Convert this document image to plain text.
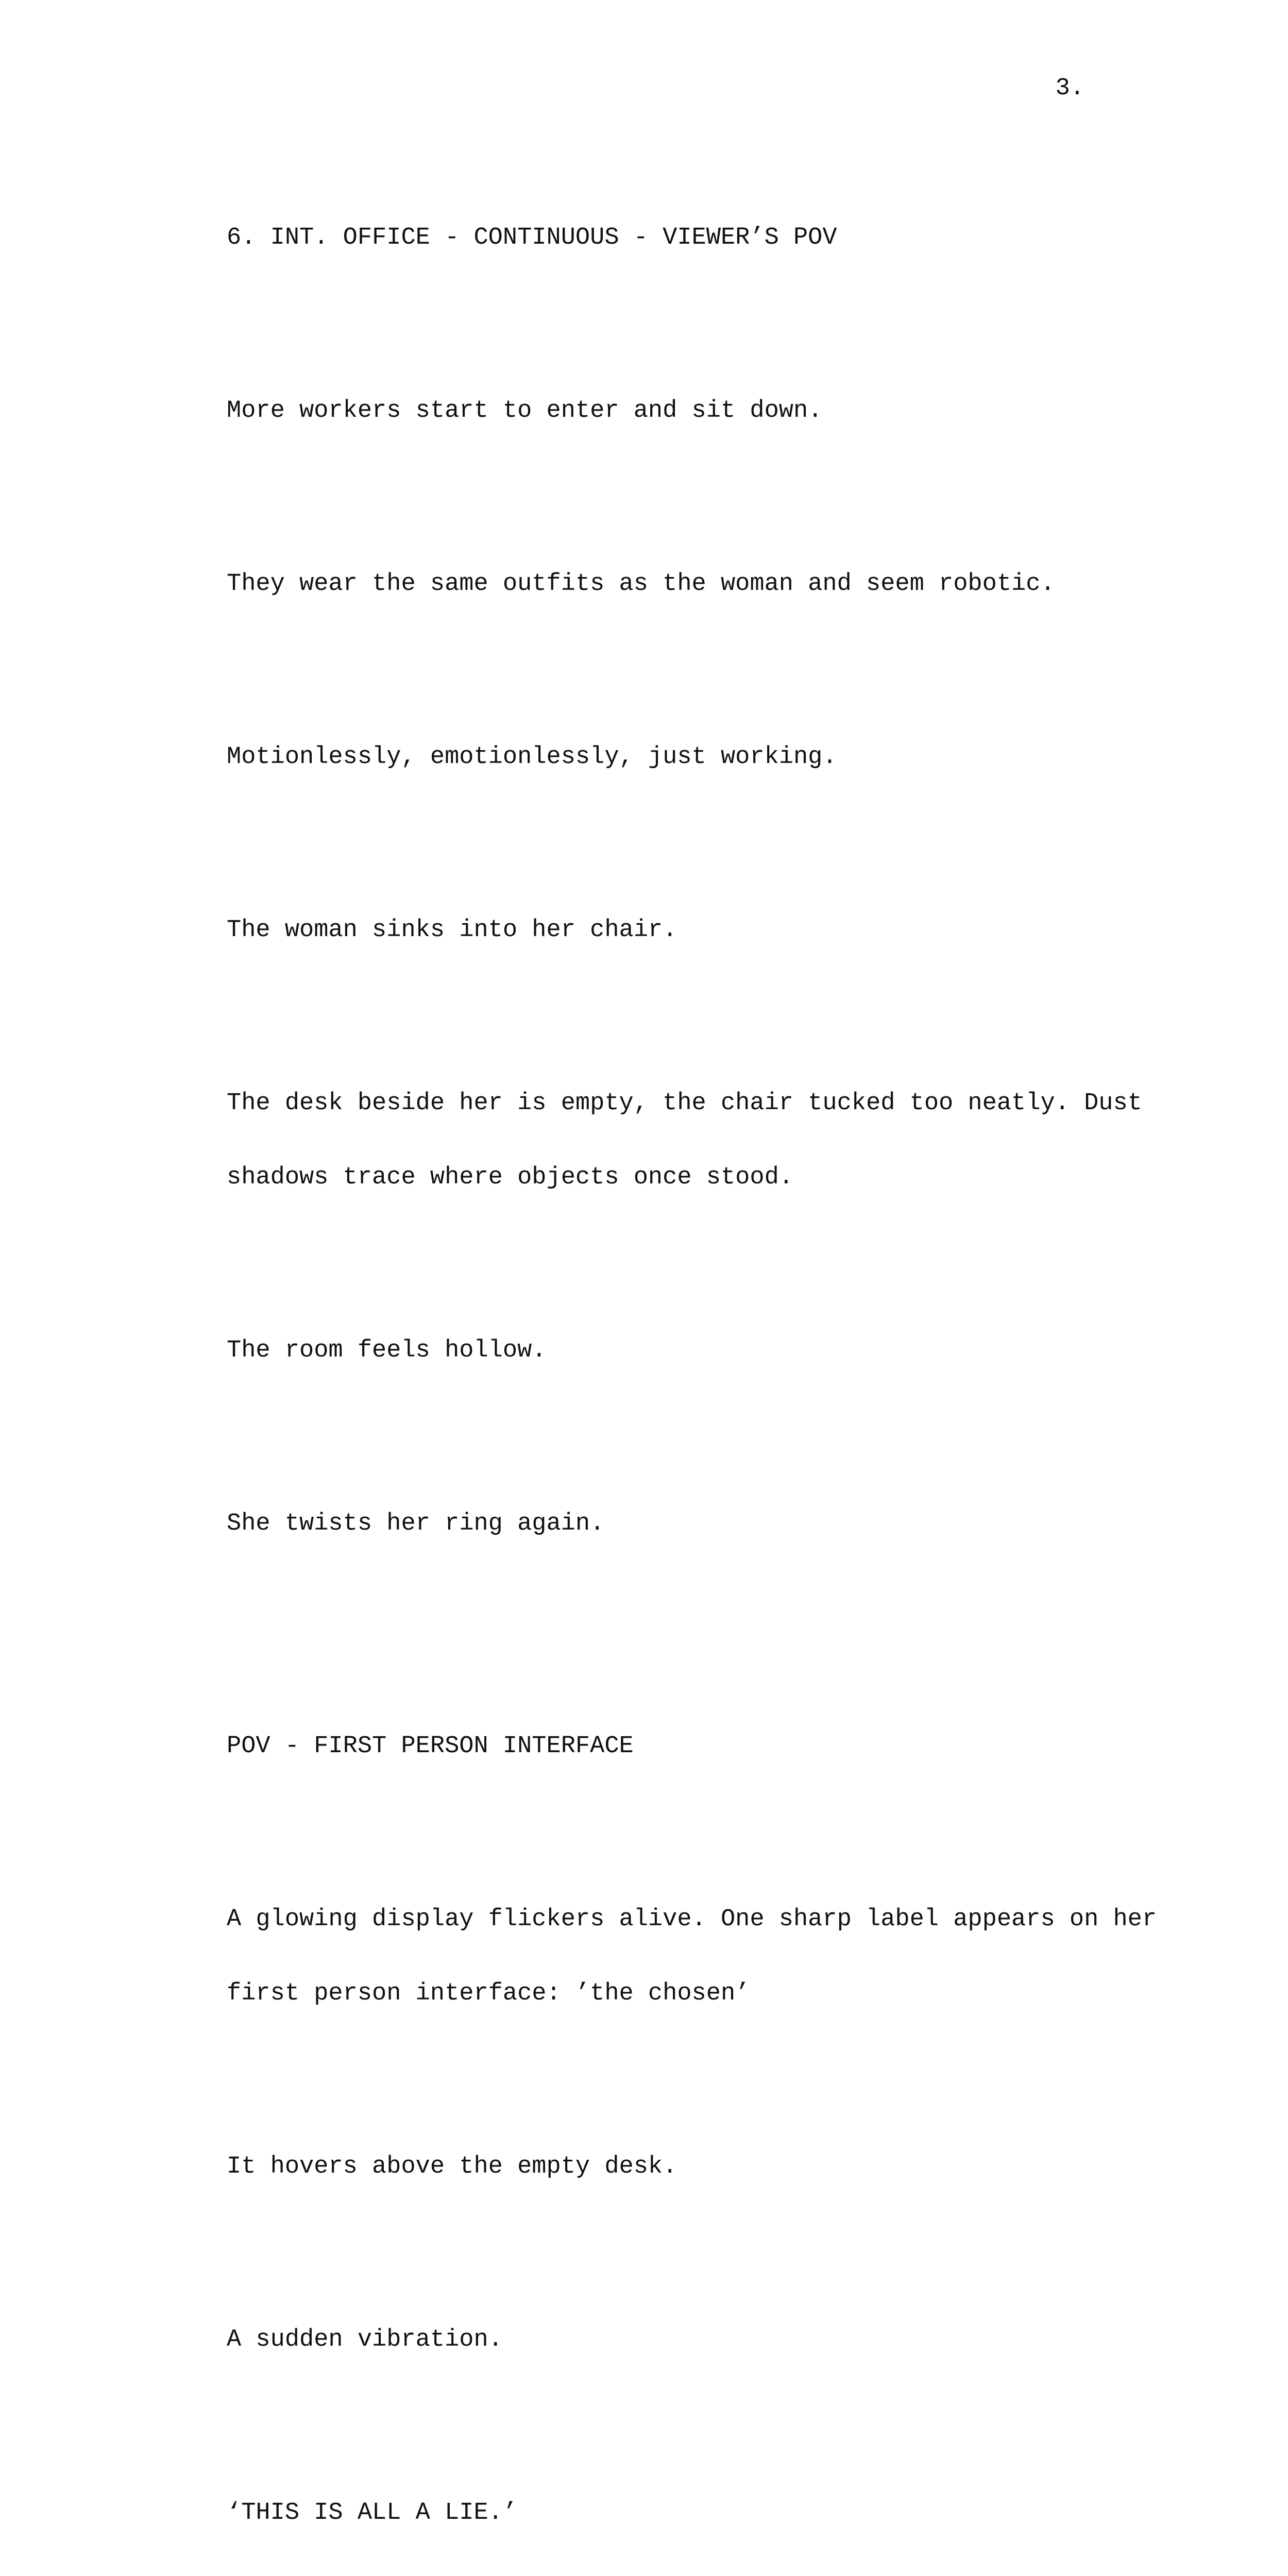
3.

6. INT. OFFICE - CONTINUOUS - VIEWER’S POV

More workers start to enter and sit down.

They wear the same outfits as the woman and seem robotic.

Motionlessly, emotionlessly, just working.

The woman sinks into her chair.

The desk beside her is empty, the chair tucked too neatly. Dust

shadows trace where objects once stood.

The room feels hollow.

She twists her ring again.

POV - FIRST PERSON INTERFACE

A glowing display flickers alive. One sharp label appears on her

first person interface: ’the chosen’

It hovers above the empty desk.

A sudden vibration.

‘THIS IS ALL A LIE.’
